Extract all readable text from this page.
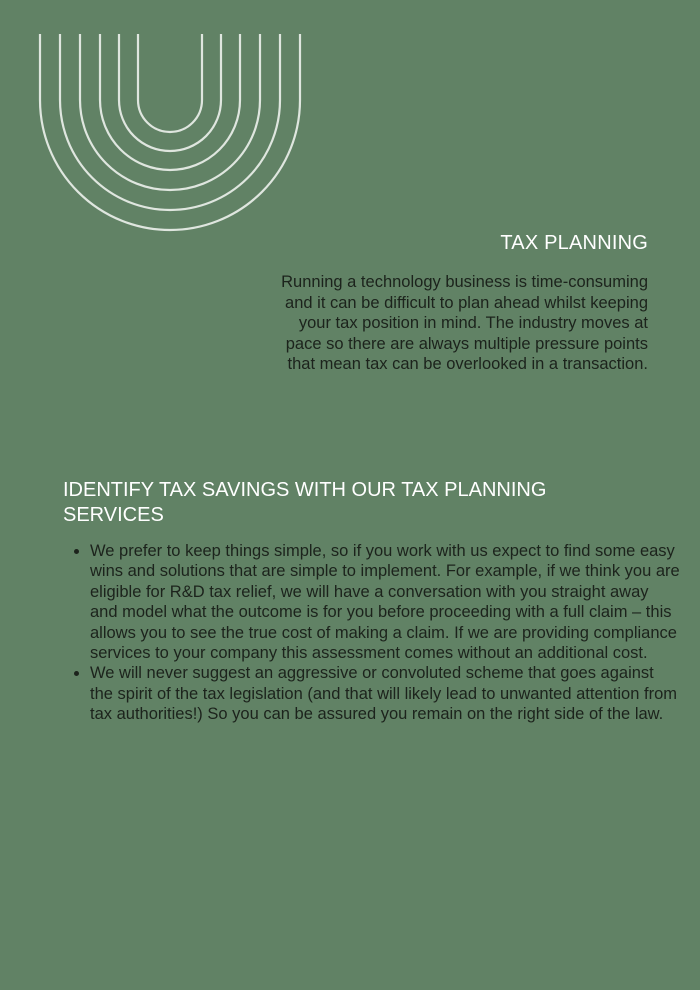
TAX PLANNING

Running a technology business is time-consuming and it can be difficult to plan ahead whilst keeping your tax position in mind. The industry moves at pace so there are always multiple pressure points that mean tax can be overlooked in a transaction.

IDENTIFY TAX SAVINGS WITH OUR TAX PLANNING SERVICES
• We prefer to keep things simple, so if you work with us expect to find some easy wins and solutions that are simple to implement. For example, if we think you are eligible for R&D tax relief, we will have a conversation with you straight away and model what the outcome is for you before proceeding with a full claim – this allows you to see the true cost of making a claim. If we are providing compliance services to your company this assessment comes without an additional cost.
• We will never suggest an aggressive or convoluted scheme that goes against the spirit of the tax legislation (and that will likely lead to unwanted attention from tax authorities!) So you can be assured you remain on the right side of the law.
